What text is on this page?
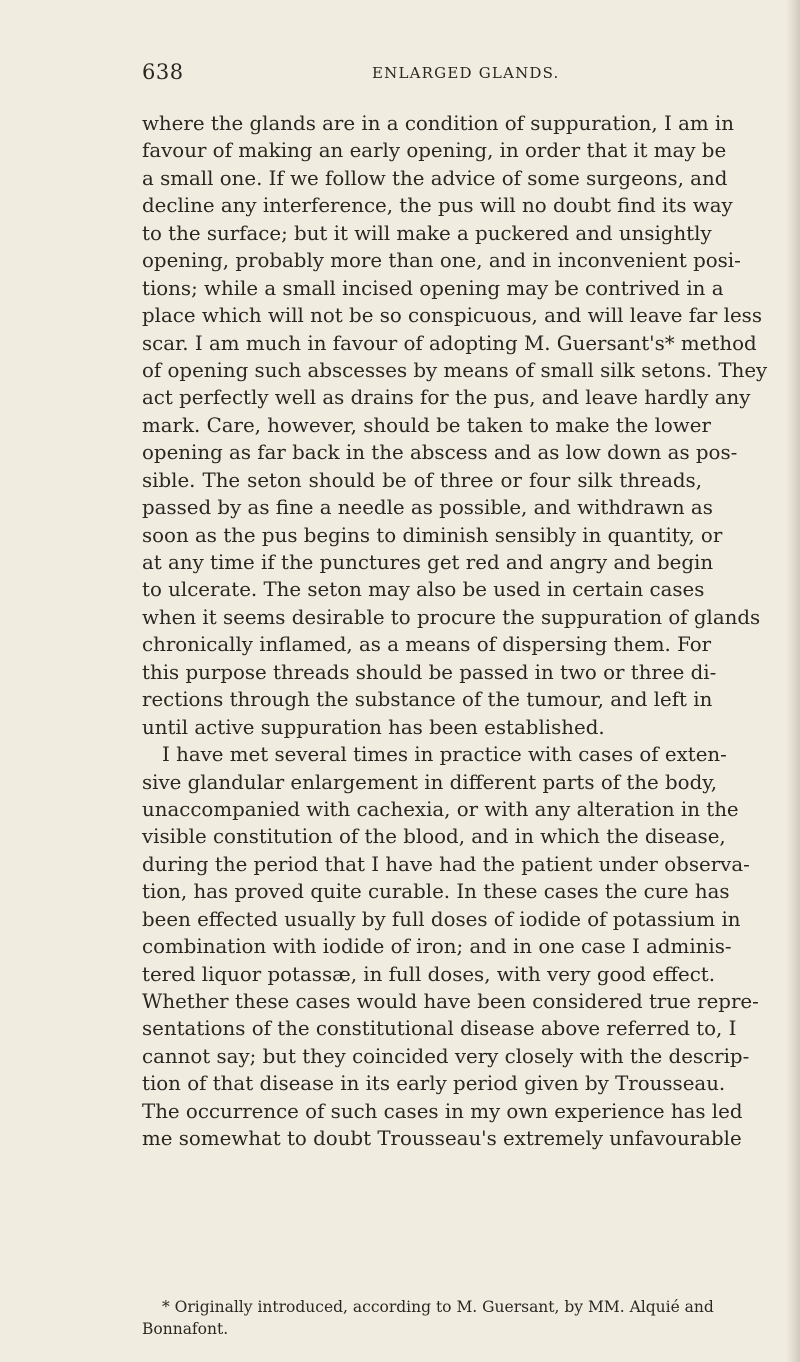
638	ENLARGED GLANDS.
where the glands are in a condition of suppuration, I am in
favour of making an early opening, in order that it may be
a small one. If we follow the advice of some surgeons, and
decline any interference, the pus will no doubt find its way
to the surface; but it will make a puckered and unsightly
opening, probably more than one, and in inconvenient posi-
tions; while a small incised opening may be contrived in a
place which will not be so conspicuous, and will leave far less
scar. I am much in favour of adopting M. Guersant's* method
of opening such abscesses by means of small silk setons. They
act perfectly well as drains for the pus, and leave hardly any
mark. Care, however, should be taken to make the lower
opening as far back in the abscess and as low down as pos-
sible. The seton should be of three or four silk threads,
passed by as fine a needle as possible, and withdrawn as
soon as the pus begins to diminish sensibly in quantity, or
at any time if the punctures get red and angry and begin
to ulcerate. The seton may also be used in certain cases
when it seems desirable to procure the suppuration of glands
chronically inflamed, as a means of dispersing them. For
this purpose threads should be passed in two or three di-
rections through the substance of the tumour, and left in
until active suppuration has been established.
I have met several times in practice with cases of exten-
sive glandular enlargement in different parts of the body,
unaccompanied with cachexia, or with any alteration in the
visible constitution of the blood, and in which the disease,
during the period that I have had the patient under observa-
tion, has proved quite curable. In these cases the cure has
been effected usually by full doses of iodide of potassium in
combination with iodide of iron; and in one case I adminis-
tered liquor potassæ, in full doses, with very good effect.
Whether these cases would have been considered true repre-
sentations of the constitutional disease above referred to, I
cannot say; but they coincided very closely with the descrip-
tion of that disease in its early period given by Trousseau.
The occurrence of such cases in my own experience has led
me somewhat to doubt Trousseau's extremely unfavourable
* Originally introduced, according to M. Guersant, by MM. Alquié and
Bonnafont.
